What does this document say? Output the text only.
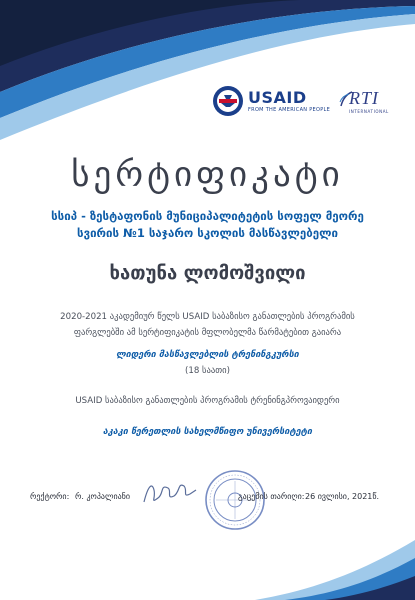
USAID
FROM THE AMERICAN PEOPLE
RTI
INTERNATIONAL
სერტიფიკატი
სსიპ - ზესტაფონის მუნიციპალიტეტის სოფელ მეორე სვირის №1 საჯარო სკოლის მასწავლებელი
ხათუნა ლომოშვილი
2020-2021 აკადემიურ წელს USAID საბაზისო განათლების პროგრამის ფარგლებში ამ სერტიფიკატის მფლობელმა წარმატებით გაიარა
ლიდერი მასწავლებლის ტრენინგკურსი
(18 საათი)
USAID საბაზისო განათლების პროგრამის ტრენინგპროვაიდერი
აკაკი წერეთლის სახელმწიფო უნივერსიტეტი
რექტორი: რ. კოპალიანი	გაცემის თარიღი: 26 ივლისი, 2021წ.
